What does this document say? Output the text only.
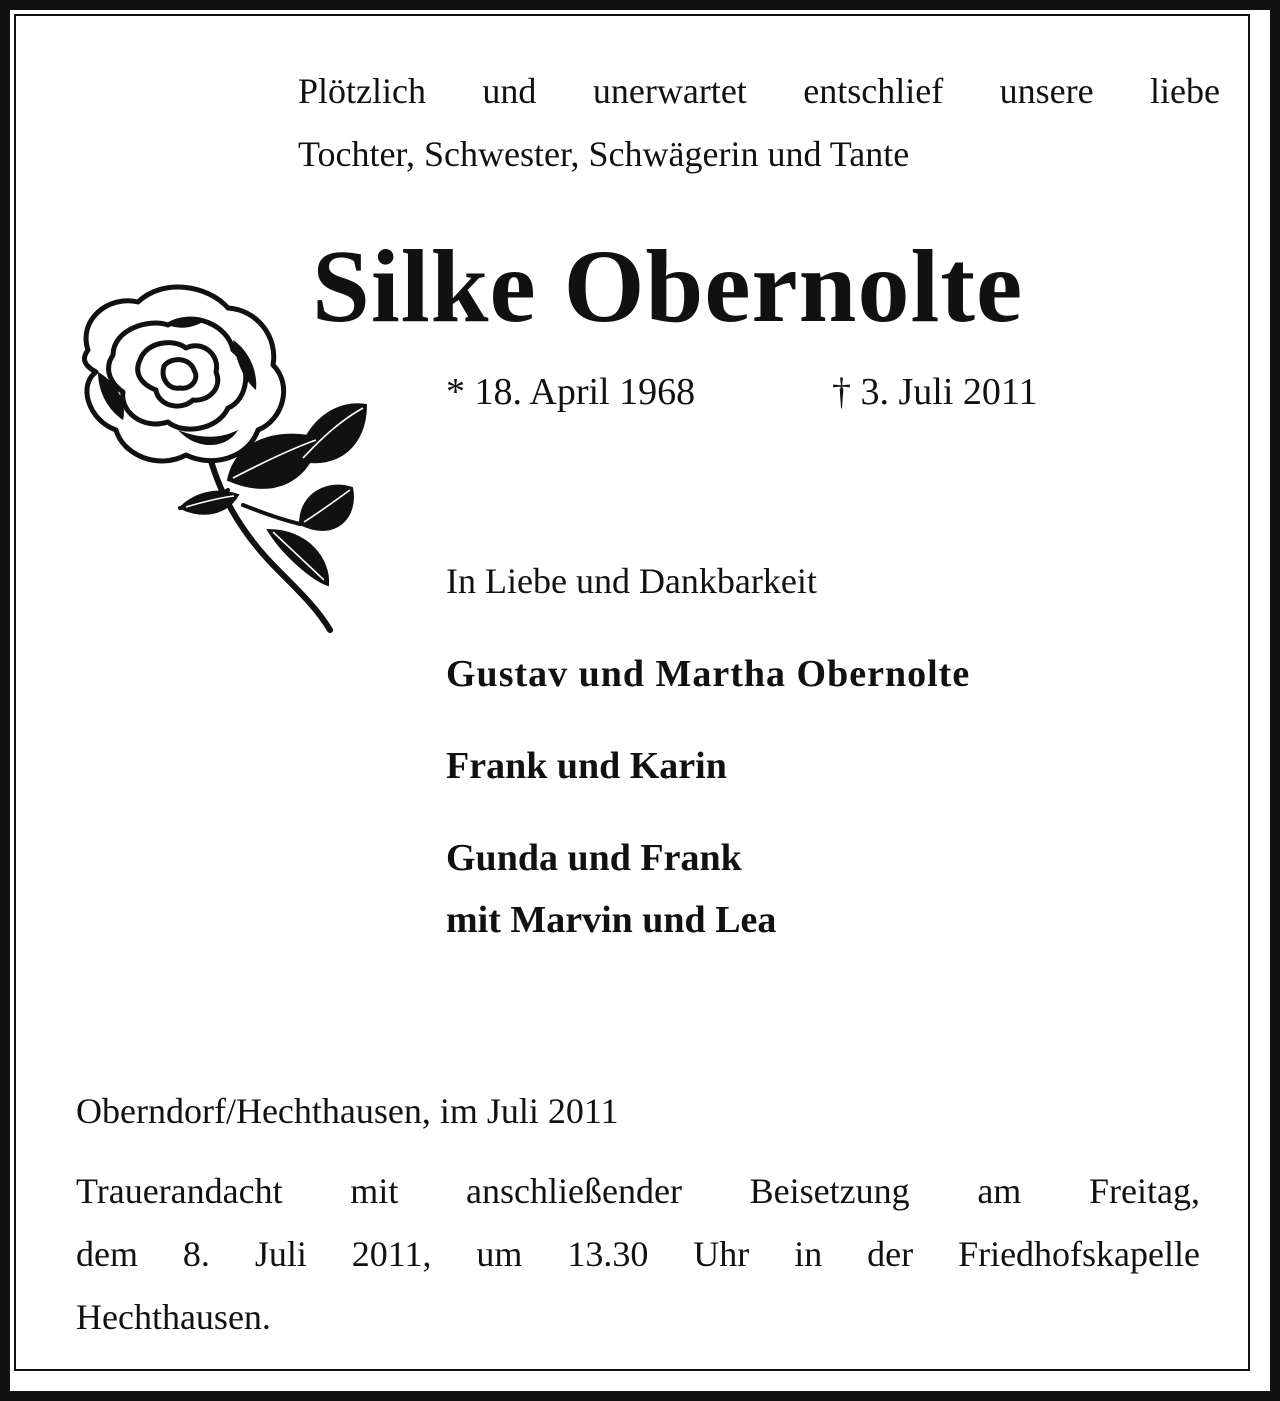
Plötzlich und unerwartet entschlief unsere liebe
Tochter, Schwester, Schwägerin und Tante
Silke Obernolte
* 18. April 1968	† 3. Juli 2011
In Liebe und Dankbarkeit
Gustav und Martha Obernolte
Frank und Karin
Gunda und Frank
mit Marvin und Lea
Oberndorf/Hechthausen, im Juli 2011
Trauerandacht mit anschließender Beisetzung am Freitag,
dem 8. Juli 2011, um 13.30 Uhr in der Friedhofskapelle
Hechthausen.
